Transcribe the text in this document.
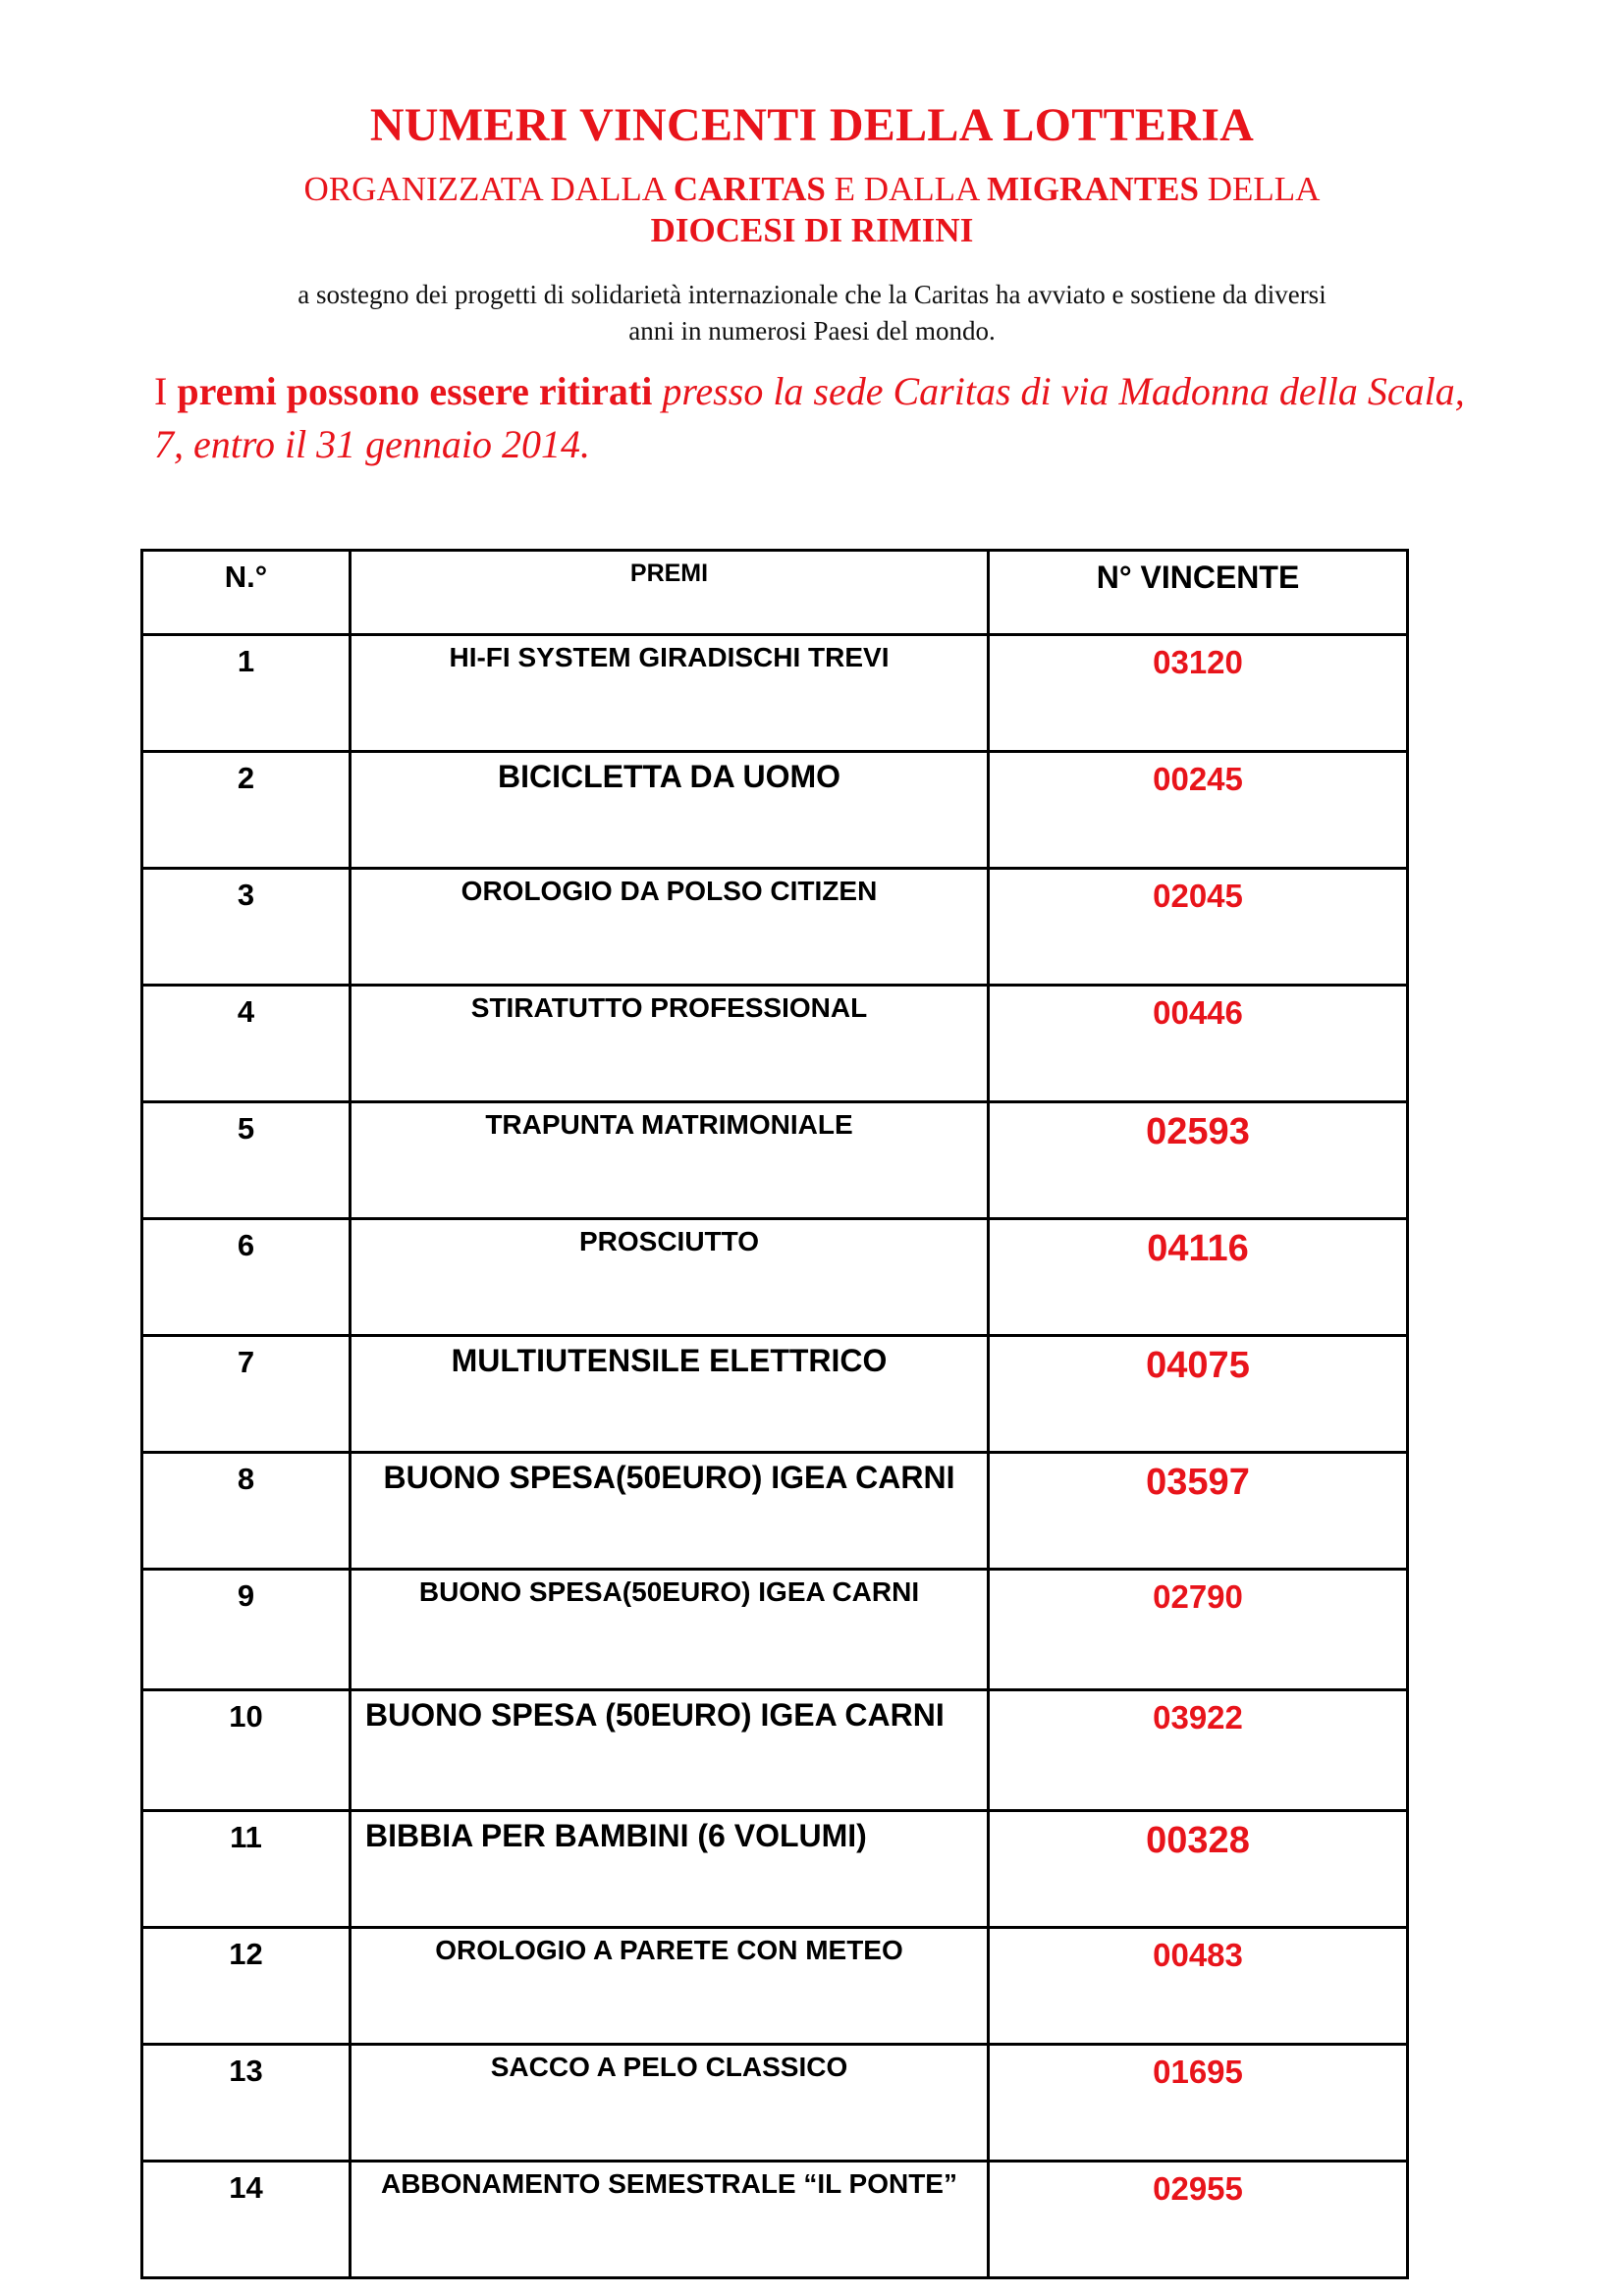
NUMERI VINCENTI DELLA LOTTERIA
ORGANIZZATA DALLA CARITAS E DALLA MIGRANTES DELLA
DIOCESI DI RIMINI
a sostegno dei progetti di solidarietà internazionale che la Caritas ha avviato e sostiene da diversi
anni in numerosi Paesi del mondo.
I premi possono essere ritirati presso la sede Caritas di via Madonna della Scala, 7, entro il 31 gennaio 2014.
N.°	PREMI	N° VINCENTE
1	HI-FI SYSTEM GIRADISCHI TREVI	03120
2	BICICLETTA DA UOMO	00245
3	OROLOGIO DA POLSO CITIZEN	02045
4	STIRATUTTO PROFESSIONAL	00446
5	TRAPUNTA MATRIMONIALE	02593
6	PROSCIUTTO	04116
7	MULTIUTENSILE ELETTRICO	04075
8	BUONO SPESA(50EURO) IGEA CARNI	03597
9	BUONO SPESA(50EURO) IGEA CARNI	02790
10	BUONO SPESA (50EURO) IGEA CARNI	03922
11	BIBBIA PER BAMBINI (6 VOLUMI)	00328
12	OROLOGIO A PARETE CON METEO	00483
13	SACCO A PELO CLASSICO	01695
14	ABBONAMENTO SEMESTRALE “IL PONTE”	02955
